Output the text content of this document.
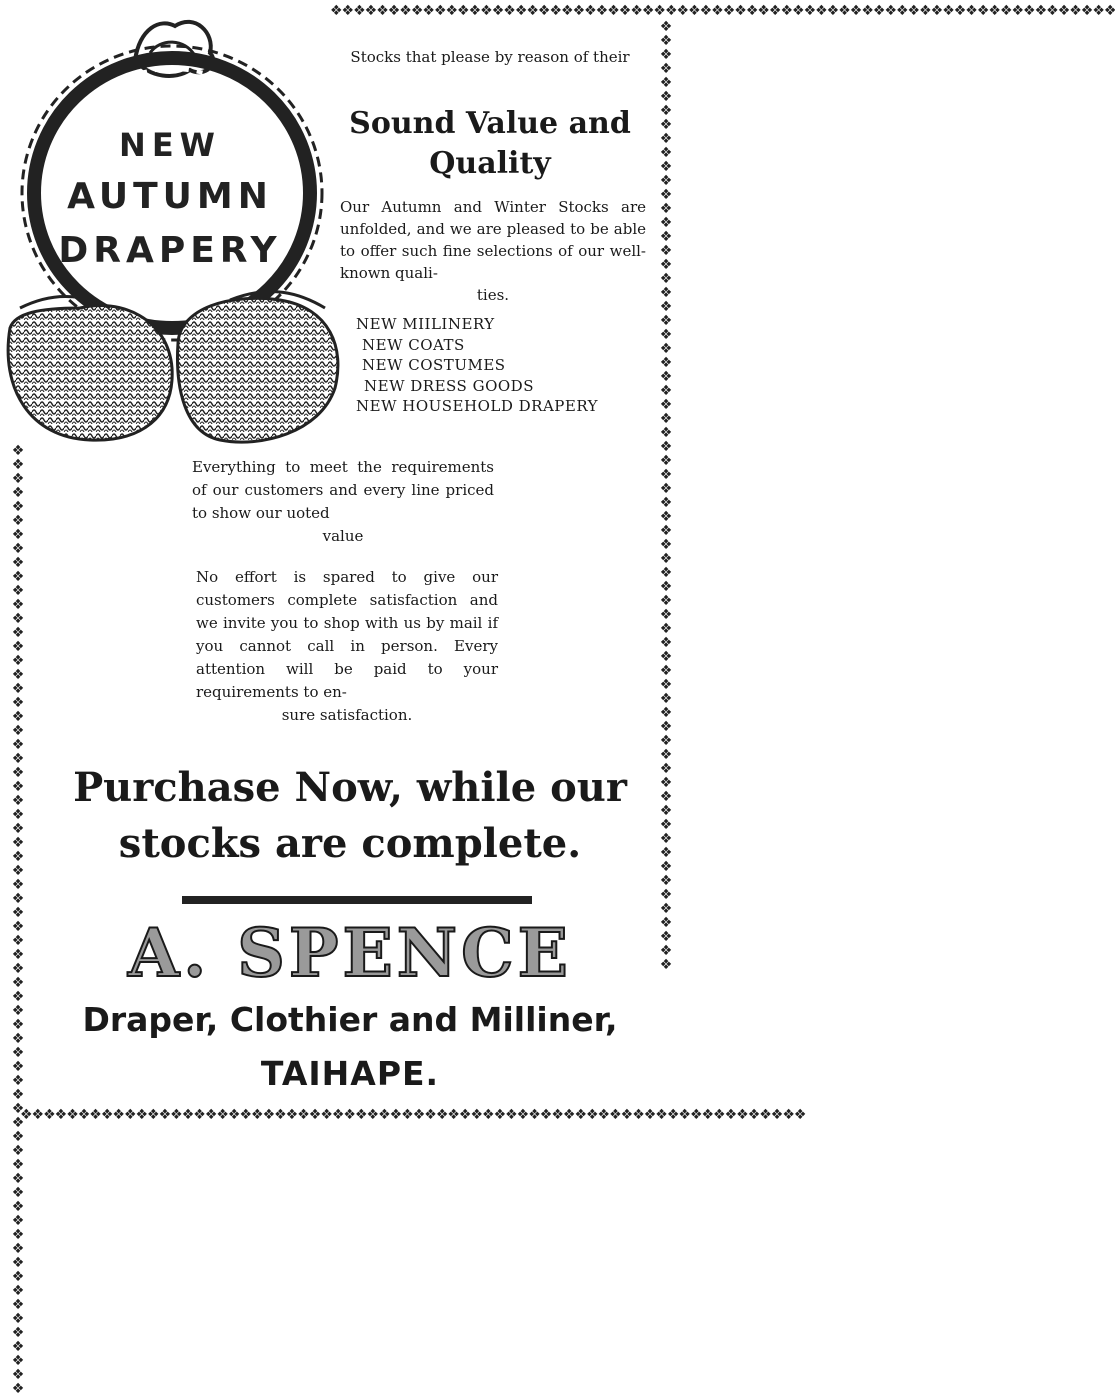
❖❖❖❖❖❖❖❖❖❖❖❖❖❖❖❖❖❖❖❖❖❖❖❖❖❖❖❖❖❖❖❖❖❖❖❖❖❖❖❖❖❖❖❖❖❖❖❖❖❖❖❖❖❖❖❖❖❖❖❖❖❖❖❖❖❖❖❖
❖❖❖❖❖❖❖❖❖❖❖❖❖❖❖❖❖❖❖❖❖❖❖❖❖❖❖❖❖❖❖❖❖❖❖❖❖❖❖❖❖❖❖❖❖❖❖❖❖❖❖❖❖❖❖❖❖❖❖❖❖❖❖❖❖❖❖❖
❖❖❖❖❖❖❖❖❖❖❖❖❖❖❖❖❖❖❖❖❖❖❖❖❖❖❖❖❖❖❖❖❖❖❖❖❖❖❖❖❖❖❖❖❖❖❖❖❖❖❖❖❖❖❖❖❖❖❖❖❖❖❖❖❖❖❖❖
❖❖❖❖❖❖❖❖❖❖❖❖❖❖❖❖❖❖❖❖❖❖❖❖❖❖❖❖❖❖❖❖❖❖❖❖❖❖❖❖❖❖❖❖❖❖❖❖❖❖❖❖❖❖❖❖❖❖❖❖❖❖❖❖❖❖❖❖
NEW
AUTUMN
DRAPERY
Stocks that please by reason of their
Sound Value and
Quality
Our Autumn and Winter Stocks are unfolded, and we are pleased to be able to offer such fine selections of our well-known quali-
ties.
NEW MIILINERY
NEW COATS
NEW COSTUMES
NEW DRESS GOODS
NEW HOUSEHOLD DRAPERY
Everything to meet the requirements of our customers and every line priced to show our uoted
value
No effort is spared to give our customers complete satisfaction and we invite you to shop with us by mail if you cannot call in person. Every attention will be paid to your requirements to en-
sure satisfaction.
Purchase Now, while our
stocks are complete.
A. SPENCE
Draper, Clothier and Milliner,
TAIHAPE.
